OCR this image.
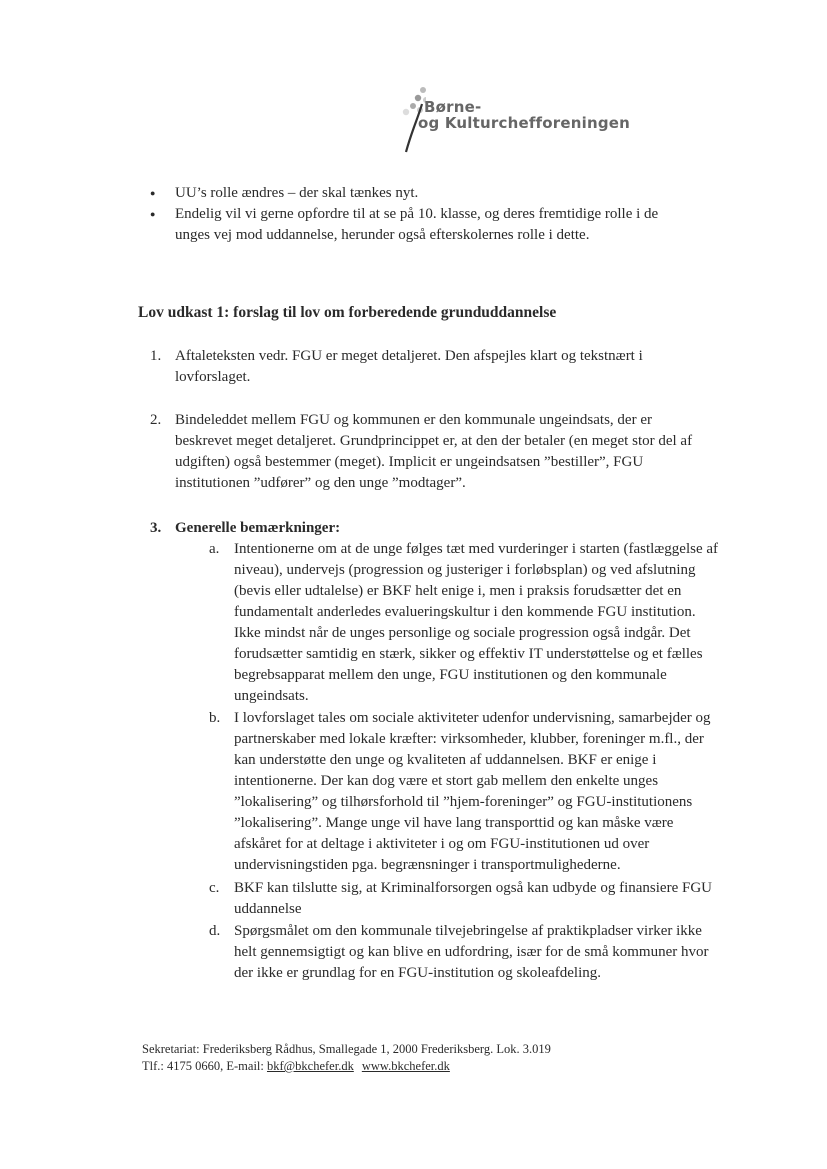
Børne-
og Kulturchefforeningen
● UU’s rolle ændres – der skal tænkes nyt.
● Endelig vil vi gerne opfordre til at se på 10. klasse, og deres fremtidige rolle i de unges vej mod uddannelse, herunder også efterskolernes rolle i dette.
Lov udkast 1: forslag til lov om forberedende grunduddannelse
1. Aftaleteksten vedr. FGU er meget detaljeret. Den afspejles klart og tekstnært i lovforslaget.
2. Bindeleddet mellem FGU og kommunen er den kommunale ungeindsats, der er beskrevet meget detaljeret. Grundprincippet er, at den der betaler (en meget stor del af udgiften) også bestemmer (meget). Implicit er ungeindsatsen ”bestiller”, FGU institutionen ”udfører” og den unge ”modtager”.
3. Generelle bemærkninger:
a. Intentionerne om at de unge følges tæt med vurderinger i starten (fastlæggelse af niveau), undervejs (progression og justeriger i forløbsplan) og ved afslutning (bevis eller udtalelse) er BKF helt enige i, men i praksis forudsætter det en fundamentalt anderledes evalueringskultur i den kommende FGU institution. Ikke mindst når de unges personlige og sociale progression også indgår. Det forudsætter samtidig en stærk, sikker og effektiv IT understøttelse og et fælles begrebsapparat mellem den unge, FGU institutionen og den kommunale ungeindsats.
b. I lovforslaget tales om sociale aktiviteter udenfor undervisning, samarbejder og partnerskaber med lokale kræfter: virksomheder, klubber, foreninger m.fl., der kan understøtte den unge og kvaliteten af uddannelsen. BKF er enige i intentionerne. Der kan dog være et stort gab mellem den enkelte unges ”lokalisering” og tilhørsforhold til ”hjem-foreninger” og FGU-institutionens ”lokalisering”. Mange unge vil have lang transporttid og kan måske være afskåret for at deltage i aktiviteter i og om FGU-institutionen ud over undervisningstiden pga. begrænsninger i transportmulighederne.
c. BKF kan tilslutte sig, at Kriminalforsorgen også kan udbyde og finansiere FGU uddannelse
d. Spørgsmålet om den kommunale tilvejebringelse af praktikpladser virker ikke helt gennemsigtigt og kan blive en udfordring, især for de små kommuner hvor der ikke er grundlag for en FGU-institution og skoleafdeling.
Sekretariat: Frederiksberg Rådhus, Smallegade 1, 2000 Frederiksberg. Lok. 3.019
Tlf.: 4175 0660, E-mail: bkf@bkchefer.dk www.bkchefer.dk
